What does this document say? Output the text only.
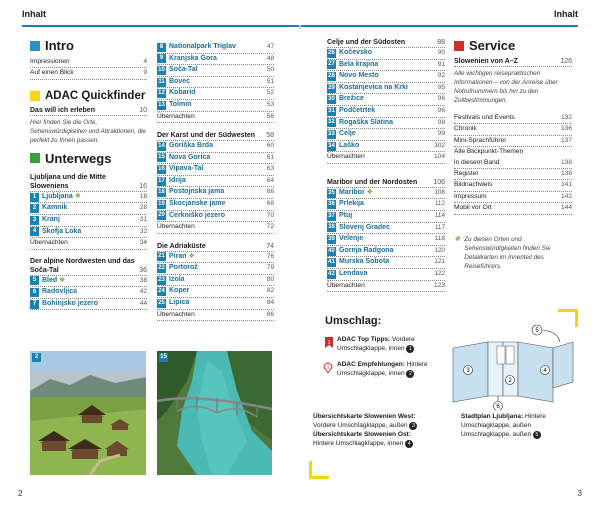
Inhalt	Inhalt
Intro
Impressionen	4
Auf einen Blick	9
ADAC Quickfinder
Das will ich erleben	10
Hier finden Sie die Orte, Sehenswürdigkeiten und Attraktionen, die perfekt zu Ihnen passen.
Unterwegs
Ljubljana und die Mitte Sloweniens	16
1 Ljubljana ❖	18
2 Kamnik	28
3 Kranj	31
4 Škofja Loka	32
Übernachten	34
Der alpine Nordwesten und das Soča-Tal	36
5 Bled ❖	38
6 Radovljica	42
7 Bohinjsko jezero	44
8 Nationalpark Triglav	47
9 Kranjska Gora	48
10 Soča-Tal	50
11 Bovec	51
12 Kobarid	52
13 Tolmin	53
Übernachten	56
Der Karst und der Südwesten	58
14 Goriška Brda	60
15 Nova Gorica	61
16 Vipava-Tal	63
17 Idrija	64
18 Postojnska jama	66
19 Škocjanske jame	68
20 Cerkniško jezero	70
Übernachten	72
Die Adriaküste	74
21 Piran ❖	76
22 Portorož	79
23 Izola	80
24 Koper	82
25 Lipica	84
Übernachten	86
Celje und der Südosten	88
26 Kočevsko	90
27 Bela krajina	91
28 Novo Mesto	92
29 Kostanjevica na Krki	95
30 Brežice	96
31 Podčetrtek	96
32 Rogaška Slatina	98
33 Celje	99
34 Laško	102
Übernachten	104
Maribor und der Nordosten	106
35 Maribor ❖	108
36 Prlekija	112
37 Ptuj	114
38 Slovenj Gradec	117
39 Velenje	118
40 Gornja Radgona	120
41 Murska Sobota	121
42 Lendava	122
Übernachten	123
Service
Slowenien von A–Z	126
Alle wichtigen reisepraktischen Informationen – von der Anreise über Notrufnummern bis hin zu den Zollbestimmungen.
Festivals und Events	132
Chronik	136
Mini-Sprachführer	137
Alle Blickpunkt-Themen
in diesem Band	138
Register	138
Bildnachweis	141
Impressum	142
Mobil vor Ort	144
❖ Zu diesen Orten und Sehenswürdigkeiten finden Sie Detailkarten im Innenteil des Reiseführers.
2	15
Umschlag:
1 ADAC Top Tipps: Vordere Umschlagklappe, innen 1
1 ADAC Empfehlungen: Hintere Umschlagklappe, innen 2
5
3
2
4
6
Übersichtskarte Slowenien West:
Vordere Umschlagklappe, außen 3
Übersichtskarte Slowenien Ost:
Hintere Umschlagklappe, innen 4
Stadtplan Ljubljana: Hintere Umschlagklappe, außen
Umschlagklappe, außen 5
2	3
